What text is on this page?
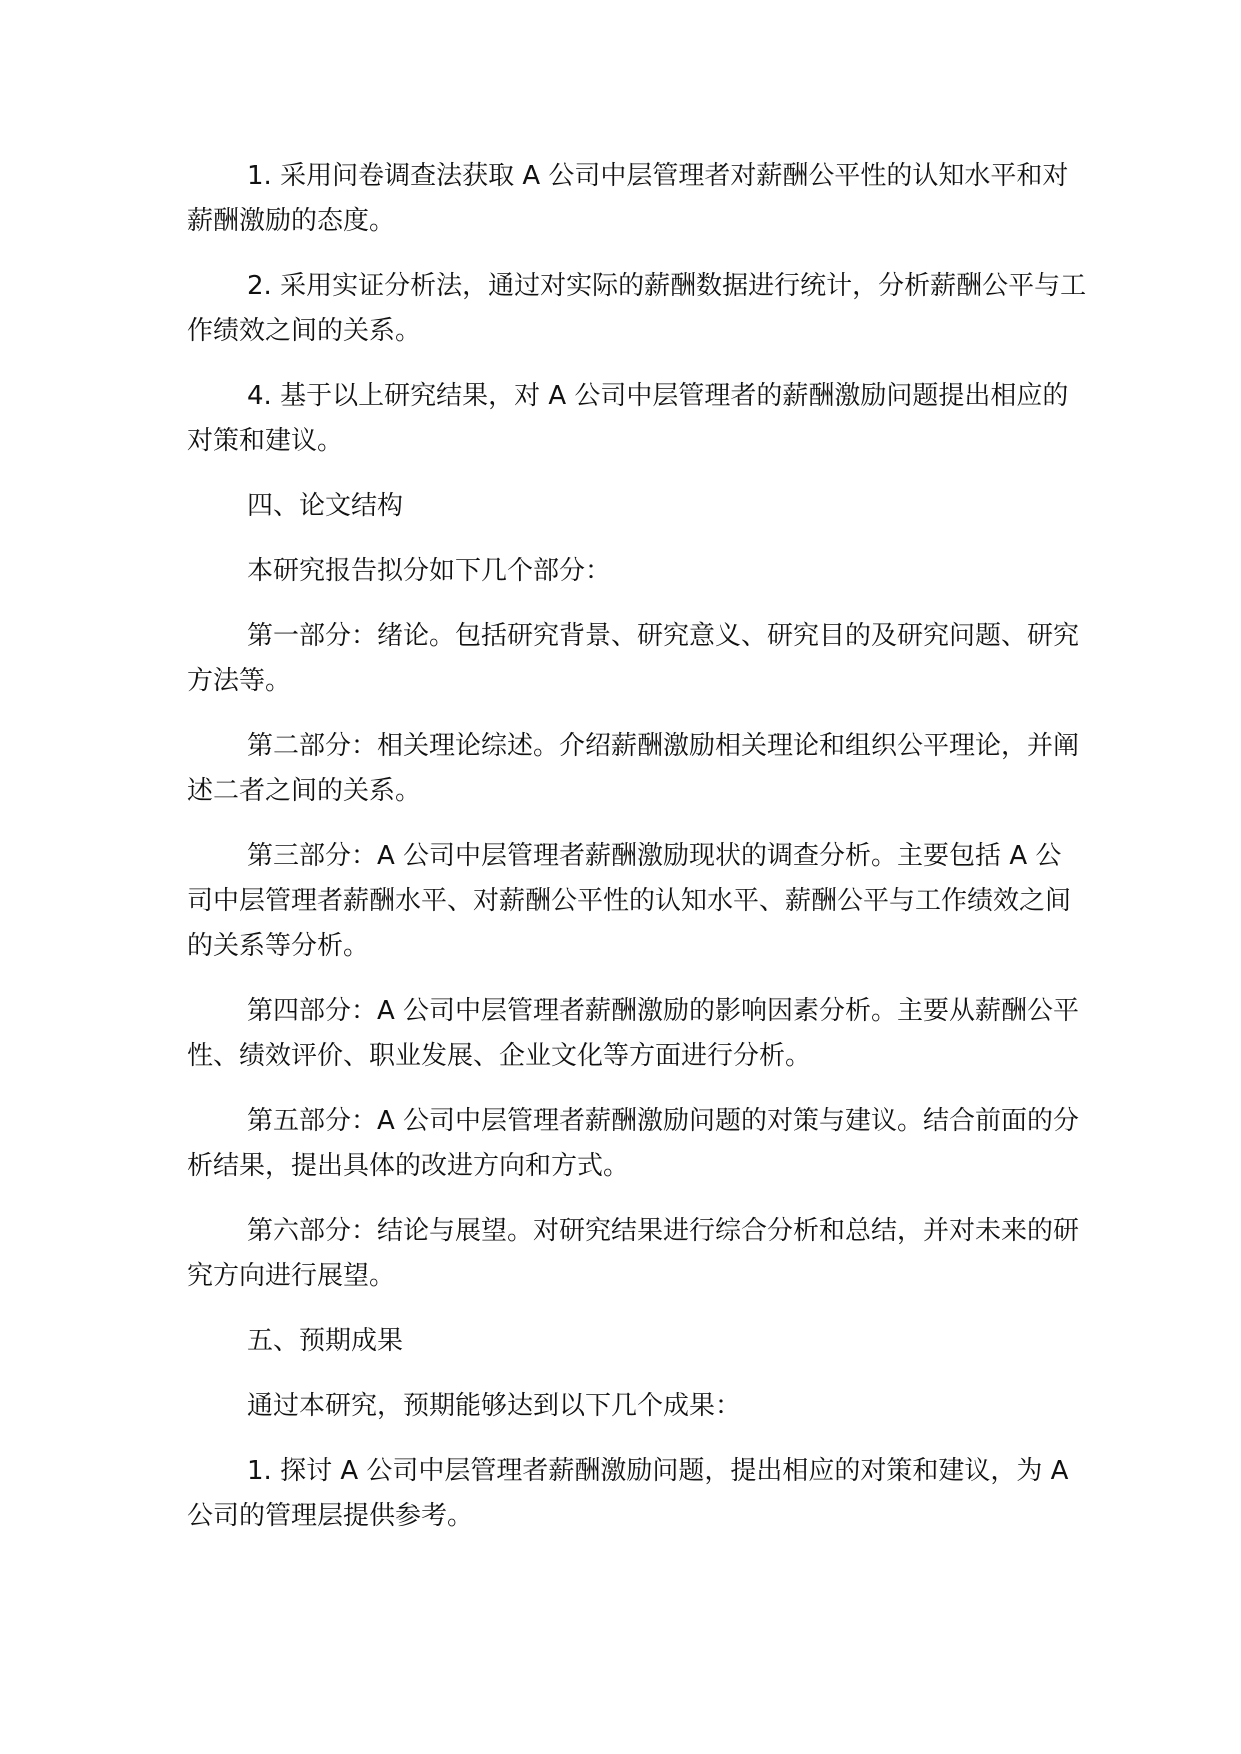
1. 采用问卷调查法获取 A 公司中层管理者对薪酬公平性的认知水平和对薪酬激励的态度。

2. 采用实证分析法，通过对实际的薪酬数据进行统计，分析薪酬公平与工作绩效之间的关系。

4. 基于以上研究结果，对 A 公司中层管理者的薪酬激励问题提出相应的对策和建议。

四、论文结构

本研究报告拟分如下几个部分：

第一部分：绪论。包括研究背景、研究意义、研究目的及研究问题、研究方法等。

第二部分：相关理论综述。介绍薪酬激励相关理论和组织公平理论，并阐述二者之间的关系。

第三部分：A 公司中层管理者薪酬激励现状的调查分析。主要包括 A 公司中层管理者薪酬水平、对薪酬公平性的认知水平、薪酬公平与工作绩效之间的关系等分析。

第四部分：A 公司中层管理者薪酬激励的影响因素分析。主要从薪酬公平性、绩效评价、职业发展、企业文化等方面进行分析。

第五部分：A 公司中层管理者薪酬激励问题的对策与建议。结合前面的分析结果，提出具体的改进方向和方式。

第六部分：结论与展望。对研究结果进行综合分析和总结，并对未来的研究方向进行展望。

五、预期成果

通过本研究，预期能够达到以下几个成果：

1. 探讨 A 公司中层管理者薪酬激励问题，提出相应的对策和建议，为 A 公司的管理层提供参考。
